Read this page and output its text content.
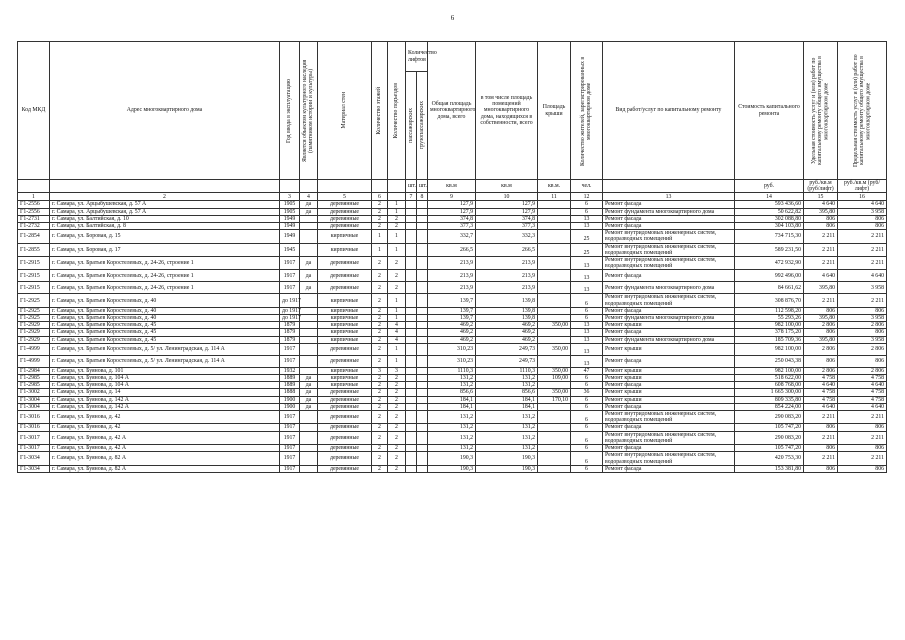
6
Код МКД	Адрес многоквартирного дома	Год ввода в эксплуатацию	Является объектом культурного наследия (памятником истории и культуры)	Материал стен	Количество этажей	Количество подъездов	Количество лифтов		Общая площадь многоквартирного дома, всего	в том числе площадь помещений многоквартирного дома, находящихся в собственности, всего	Площадь крыши	Количество жителей, зарегистрированных в многоквартирном доме	Вид работ/услуг по капитальному ремонту	Стоимость капитального ремонта	Удельная стоимость услуг и (или) работ по капитальному ремонту общего имущества в многоквартирном доме	Предельная стоимость услуг и (или) работ по капитальному ремонту общего имущества в многоквартирном доме

							пассажирских	грузопассажирских								

							шт.	шт.	кв.м	кв.м	кв.м.	чел.		руб.	руб./кв.м (руб/лифт)	руб./кв.м (руб/лифт)
1	2	3	4	5	6		7	8	9	10	11	12	13	14	15	16
Г1-2556	г. Самара, ул. Арцыбушевская, д. 57 А	1905	да	деревянные	2	1			127,9	127,9		6	Ремонт фасада	593 436,60	4 640	4 640
Г1-2556	г. Самара, ул. Арцыбушевская, д. 57 А	1905	да	деревянные	2	1			127,9	127,9		6	Ремонт фундамента многоквартирного дома	50 622,82	395,80	3 958
Г1-2731	г. Самара, ул. Балтийская, д. 10	1949		деревянные	2	2			374,8	374,8		13	Ремонт фасада	302 088,80	806	806
Г1-2732	г. Самара, ул. Балтийская, д. 8	1949		деревянные	2	2			377,3	377,3		13	Ремонт фасада	304 103,80	806	806
Г1-2854	г. Самара, ул. Боровая, д. 15	1949		кирпичные	1	1			332,7	332,3		25	Ремонт внутридомовых инженерных систем, водоразводных помещений	734 715,30	2 211	2 211
Г1-2855	г. Самара, ул. Боровая, д. 17	1945		кирпичные	1	1			266,5	266,5		25	Ремонт внутридомовых инженерных систем, водоразводных помещений	589 231,50	2 211	2 211
Г1-2915	г. Самара, ул. Братьев Коростелевых, д. 24-26, строение 1	1917	да	деревянные	2	2			213,9	213,9		13	Ремонт внутридомовых инженерных систем, водоразводных помещений	472 932,90	2 211	2 211
Г1-2915	г. Самара, ул. Братьев Коростелевых, д. 24-26, строение 1	1917	да	деревянные	2	2			213,9	213,9		13	Ремонт фасада	992 496,00	4 640	4 640
Г1-2915	г. Самара, ул. Братьев Коростелевых, д. 24-26, строение 1	1917	да	деревянные	2	2			213,9	213,9		13	Ремонт фундамента многоквартирного дома	84 661,62	395,80	3 958
Г1-2925	г. Самара, ул. Братьев Коростелевых, д. 40	до 1917		кирпичные	2	1			139,7	139,8		6	Ремонт внутридомовых инженерных систем, водоразводных помещений	308 876,70	2 211	2 211
Г1-2925	г. Самара, ул. Братьев Коростелевых, д. 40	до 1917		кирпичные	2	1			139,7	139,8		6	Ремонт фасада	112 598,20	806	806
Г1-2925	г. Самара, ул. Братьев Коростелевых, д. 40	до 1917		кирпичные	2	1			139,7	139,8		6	Ремонт фундамента многоквартирного дома	55 293,26	395,80	3 958
Г1-2929	г. Самара, ул. Братьев Коростелевых, д. 45	1879		кирпичные	2	4			469,2	469,2	350,00	13	Ремонт крыши	982 100,00	2 806	2 806
Г1-2929	г. Самара, ул. Братьев Коростелевых, д. 45	1879		кирпичные	2	4			469,2	469,2		13	Ремонт фасада	378 175,20	806	806
Г1-2929	г. Самара, ул. Братьев Коростелевых, д. 45	1879		кирпичные	2	4			469,2	469,2		13	Ремонт фундамента многоквартирного дома	185 709,36	395,80	3 958
Г1-4999	г. Самара, ул. Братьев Коростелевых, д. 5/ ул. Ленинградская, д. 114 А	1917		деревянные	2	1			310,23	249,73	350,00	13	Ремонт крыши	982 100,00	2 806	2 806
Г1-4999	г. Самара, ул. Братьев Коростелевых, д. 5/ ул. Ленинградская, д. 114 А	1917		деревянные	2	1			310,23	249,73		13	Ремонт фасада	250 043,38	806	806
Г1-2984	г. Самара, ул. Буянова, д. 101	1932		кирпичные	3	3			1110,3	1110,3	350,00	47	Ремонт крыши	982 100,00	2 806	2 806
Г1-2985	г. Самара, ул. Буянова, д. 104 А	1889	да	кирпичные	2	2			131,2	131,2	109,00	6	Ремонт крыши	518 622,00	4 758	4 758
Г1-2985	г. Самара, ул. Буянова, д. 104 А	1889	да	кирпичные	2	2			131,2	131,2		6	Ремонт фасада	608 768,00	4 640	4 640
Г1-3002	г. Самара, ул. Буянова, д. 14	1888	да	деревянные	2	2			856,6	856,6	350,00	36	Ремонт крыши	1 665 300,00	4 758	4 758
Г1-3004	г. Самара, ул. Буянова, д. 142 А	1900	да	деревянные	2	2			184,1	184,1	170,10	6	Ремонт крыши	809 335,80	4 758	4 758
Г1-3004	г. Самара, ул. Буянова, д. 142 А	1900	да	деревянные	2	2			184,1	184,1		6	Ремонт фасада	854 224,00	4 640	4 640
Г1-3016	г. Самара, ул. Буянова, д. 42	1917		деревянные	2	2			131,2	131,2		6	Ремонт внутридомовых инженерных систем, водоразводных помещений	290 083,20	2 211	2 211
Г1-3016	г. Самара, ул. Буянова, д. 42	1917		деревянные	2	2			131,2	131,2		6	Ремонт фасада	105 747,20	806	806
Г1-3017	г. Самара, ул. Буянова, д. 42 А	1917		деревянные	2	2			131,2	131,2		6	Ремонт внутридомовых инженерных систем, водоразводных помещений	290 083,20	2 211	2 211
Г1-3017	г. Самара, ул. Буянова, д. 42 А	1917		деревянные	2	2			131,2	131,2		6	Ремонт фасада	105 747,20	806	806
Г1-3034	г. Самара, ул. Буянова, д. 82 А	1917		деревянные	2	2			190,3	190,3		6	Ремонт внутридомовых инженерных систем, водоразводных помещений	420 753,30	2 211	2 211
Г1-3034	г. Самара, ул. Буянова, д. 82 А	1917		деревянные	2	2			190,3	190,3		6	Ремонт фасада	153 381,80	806	806
